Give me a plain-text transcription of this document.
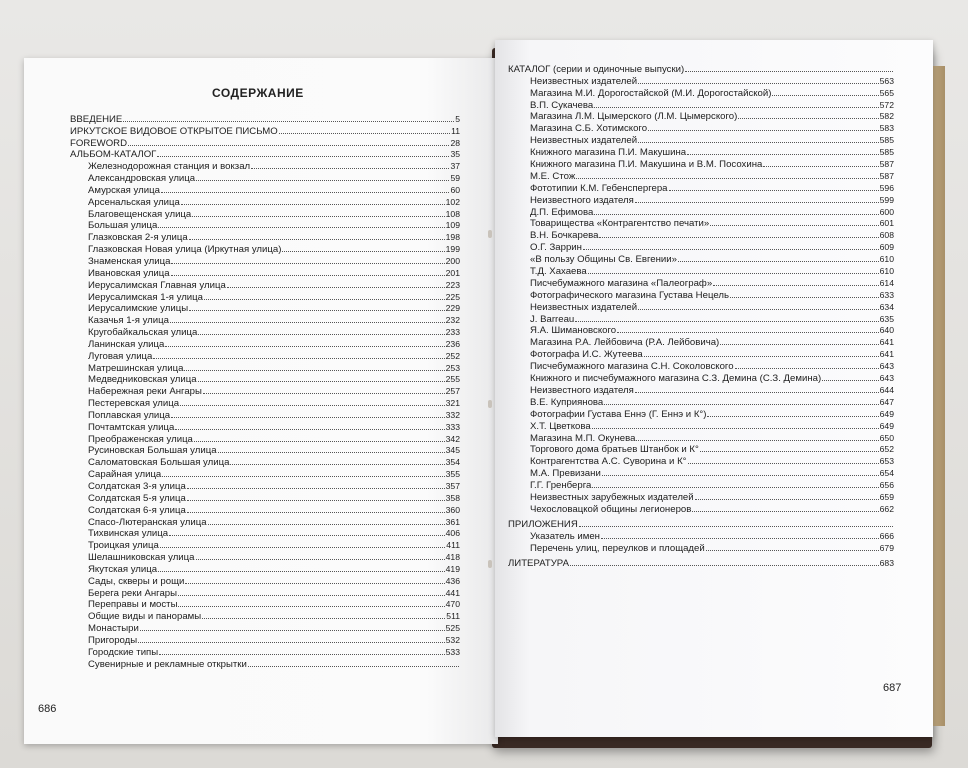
СОДЕРЖАНИЕ
ВВЕДЕНИЕ	5
ИРКУТСКОЕ ВИДОВОЕ ОТКРЫТОЕ ПИСЬМО	11
FOREWORD	28
АЛЬБОМ-КАТАЛОГ	35
Железнодорожная станция и вокзал	37
Александровская улица	59
Амурская улица	60
Арсенальская улица	102
Благовещенская улица	108
Большая улица	109
Глазковская 2-я улица	198
Глазковская Новая улица (Иркутная улица)	199
Знаменская улица	200
Ивановская улица	201
Иерусалимская Главная улица	223
Иерусалимская 1-я улица	225
Иерусалимские улицы	229
Казачья 1-я улица	232
Кругобайкальская улица	233
Ланинская улица	236
Луговая улица	252
Матрешинская улица	253
Медведниковская улица	255
Набережная реки Ангары	257
Пестеревская улица	321
Поплавская улица	332
Почтамтская улица	333
Преображенская улица	342
Русиновская Большая улица	345
Саломатовская Большая улица	354
Сарайная улица	355
Солдатская 3-я улица	357
Солдатская 5-я улица	358
Солдатская 6-я улица	360
Спасо-Лютеранская улица	361
Тихвинская улица	406
Троицкая улица	411
Шелашниковская улица	418
Якутская улица	419
Сады, скверы и рощи	436
Берега реки Ангары	441
Переправы и мосты	470
Общие виды и панорамы	511
Монастыри	525
Пригороды	532
Городские типы	533
Сувенирные и рекламные открытки
КАТАЛОГ (серии и одиночные выпуски)
Неизвестных издателей	563
Магазина М.И. Дорогостайской (М.И. Дорогостайской)	565
В.П. Сукачева	572
Магазина Л.М. Цымерского (Л.М. Цымерского)	582
Магазина С.Б. Хотимского	583
Неизвестных издателей	585
Книжного магазина П.И. Макушина	585
Книжного магазина П.И. Макушина и В.М. Посохина	587
М.Е. Стож	587
Фототипии К.М. Гебенспергера	596
Неизвестного издателя	599
Д.П. Ефимова	600
Товарищества «Контрагентство печати»	601
В.Н. Бочкарева	608
О.Г. Заррин	609
«В пользу Общины Св. Евгении»	610
Т.Д. Хахаева	610
Писчебумажного магазина «Палеограф»	614
Фотографического магазина Густава Нецель	633
Неизвестных издателей	634
J. Barreau	635
Я.А. Шимановского	640
Магазина Р.А. Лейбовича (Р.А. Лейбовича)	641
Фотографа И.С. Жутеева	641
Писчебумажного магазина С.Н. Соколовского	643
Книжного и писчебумажного магазина С.З. Демина (С.З. Демина)	643
Неизвестного издателя	644
В.Е. Куприянова	647
Фотографии Густава Еннэ (Г. Еннэ и К°)	649
Х.Т. Цветкова	649
Магазина М.П. Окунева	650
Торгового дома братьев Штанбок и К°	652
Контрагентства А.С. Суворина и К°	653
М.А. Превизани	654
Г.Г. Гренберга	656
Неизвестных зарубежных издателей	659
Чехословацкой общины легионеров	662
ПРИЛОЖЕНИЯ
Указатель имен	666
Перечень улиц, переулков и площадей	679
ЛИТЕРАТУРА	683
686
687
